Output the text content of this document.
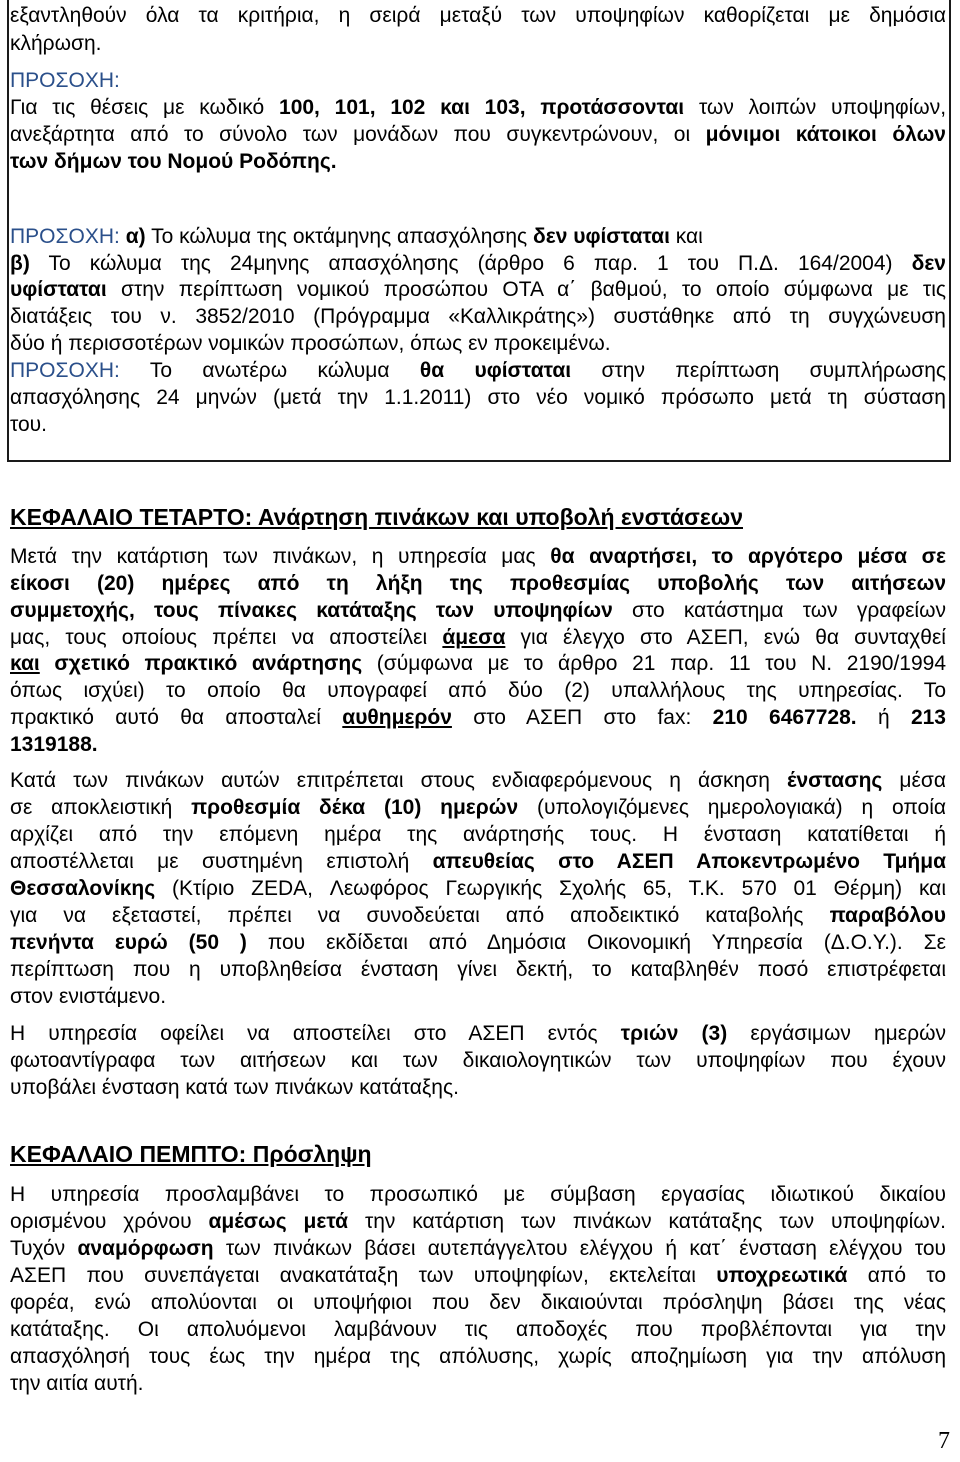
εξαντληθούν όλα τα κριτήρια, η σειρά μεταξύ των υποψηφίων καθορίζεται με δημόσια
κλήρωση.
ΠΡΟΣΟΧΗ:
Για τις θέσεις με κωδικό 100, 101, 102 και 103, προτάσσονται των λοιπών υποψηφίων,
ανεξάρτητα από το σύνολο των μονάδων που συγκεντρώνουν, οι μόνιμοι κάτοικοι όλων
των δήμων του Νομού Ροδόπης.
ΠΡΟΣΟΧΗ: α) Το κώλυμα της οκτάμηνης απασχόλησης δεν υφίσταται και
β) Το κώλυμα της 24μηνης απασχόλησης (άρθρο 6 παρ. 1 του Π.Δ. 164/2004) δεν
υφίσταται στην περίπτωση νομικού προσώπου ΟΤΑ α΄ βαθμού, το οποίο σύμφωνα με τις
διατάξεις του ν. 3852/2010 (Πρόγραμμα «Καλλικράτης») συστάθηκε από τη συγχώνευση
δύο ή περισσοτέρων νομικών προσώπων, όπως εν προκειμένω.
ΠΡΟΣΟΧΗ: Το ανωτέρω κώλυμα θα υφίσταται στην περίπτωση συμπλήρωσης
απασχόλησης 24 μηνών (μετά την 1.1.2011) στο νέο νομικό πρόσωπο μετά τη σύσταση
του.
ΚΕΦΑΛΑΙΟ ΤΕΤΑΡΤΟ: Ανάρτηση πινάκων και υποβολή ενστάσεων
Μετά την κατάρτιση των πινάκων, η υπηρεσία μας θα αναρτήσει, το αργότερο μέσα σε
είκοσι (20) ημέρες από τη λήξη της προθεσμίας υποβολής των αιτήσεων
συμμετοχής, τους πίνακες κατάταξης των υποψηφίων στο κατάστημα των γραφείων
μας, τους οποίους πρέπει να αποστείλει άμεσα για έλεγχο στο ΑΣΕΠ, ενώ θα συνταχθεί
και σχετικό πρακτικό ανάρτησης (σύμφωνα με το άρθρο 21 παρ. 11 του Ν. 2190/1994
όπως ισχύει) το οποίο θα υπογραφεί από δύο (2) υπαλλήλους της υπηρεσίας. Το
πρακτικό αυτό θα αποσταλεί αυθημερόν στο ΑΣΕΠ στο fax: 210 6467728. ή 213
1319188.
Κατά των πινάκων αυτών επιτρέπεται στους ενδιαφερόμενους η άσκηση ένστασης μέσα
σε αποκλειστική προθεσμία δέκα (10) ημερών (υπολογιζόμενες ημερολογιακά) η οποία
αρχίζει από την επόμενη ημέρα της ανάρτησής τους. Η ένσταση κατατίθεται ή
αποστέλλεται με συστημένη επιστολή απευθείας στο ΑΣΕΠ Αποκεντρωμένο Τμήμα
Θεσσαλονίκης (Κτίριο ZEDA, Λεωφόρος Γεωργικής Σχολής 65, Τ.Κ. 570 01 Θέρμη) και
για να εξεταστεί, πρέπει να συνοδεύεται από αποδεικτικό καταβολής παραβόλου
πενήντα ευρώ (50 ) που εκδίδεται από Δημόσια Οικονομική Υπηρεσία (Δ.Ο.Υ.). Σε
περίπτωση που η υποβληθείσα ένσταση γίνει δεκτή, το καταβληθέν ποσό επιστρέφεται
στον ενιστάμενο.
Η υπηρεσία οφείλει να αποστείλει στο ΑΣΕΠ εντός τριών (3) εργάσιμων ημερών
φωτοαντίγραφα των αιτήσεων και των δικαιολογητικών των υποψηφίων που έχουν
υποβάλει ένσταση κατά των πινάκων κατάταξης.
ΚΕΦΑΛΑΙΟ ΠΕΜΠΤΟ: Πρόσληψη
Η υπηρεσία προσλαμβάνει το προσωπικό με σύμβαση εργασίας ιδιωτικού δικαίου
ορισμένου χρόνου αμέσως μετά την κατάρτιση των πινάκων κατάταξης των υποψηφίων.
Τυχόν αναμόρφωση των πινάκων βάσει αυτεπάγγελτου ελέγχου ή κατ΄ ένσταση ελέγχου του
ΑΣΕΠ που συνεπάγεται ανακατάταξη των υποψηφίων, εκτελείται υποχρεωτικά από το
φορέα, ενώ απολύονται οι υποψήφιοι που δεν δικαιούνται πρόσληψη βάσει της νέας
κατάταξης. Οι απολυόμενοι λαμβάνουν τις αποδοχές που προβλέπονται για την
απασχόλησή τους έως την ημέρα της απόλυσης, χωρίς αποζημίωση για την απόλυση
την αιτία αυτή.
7
